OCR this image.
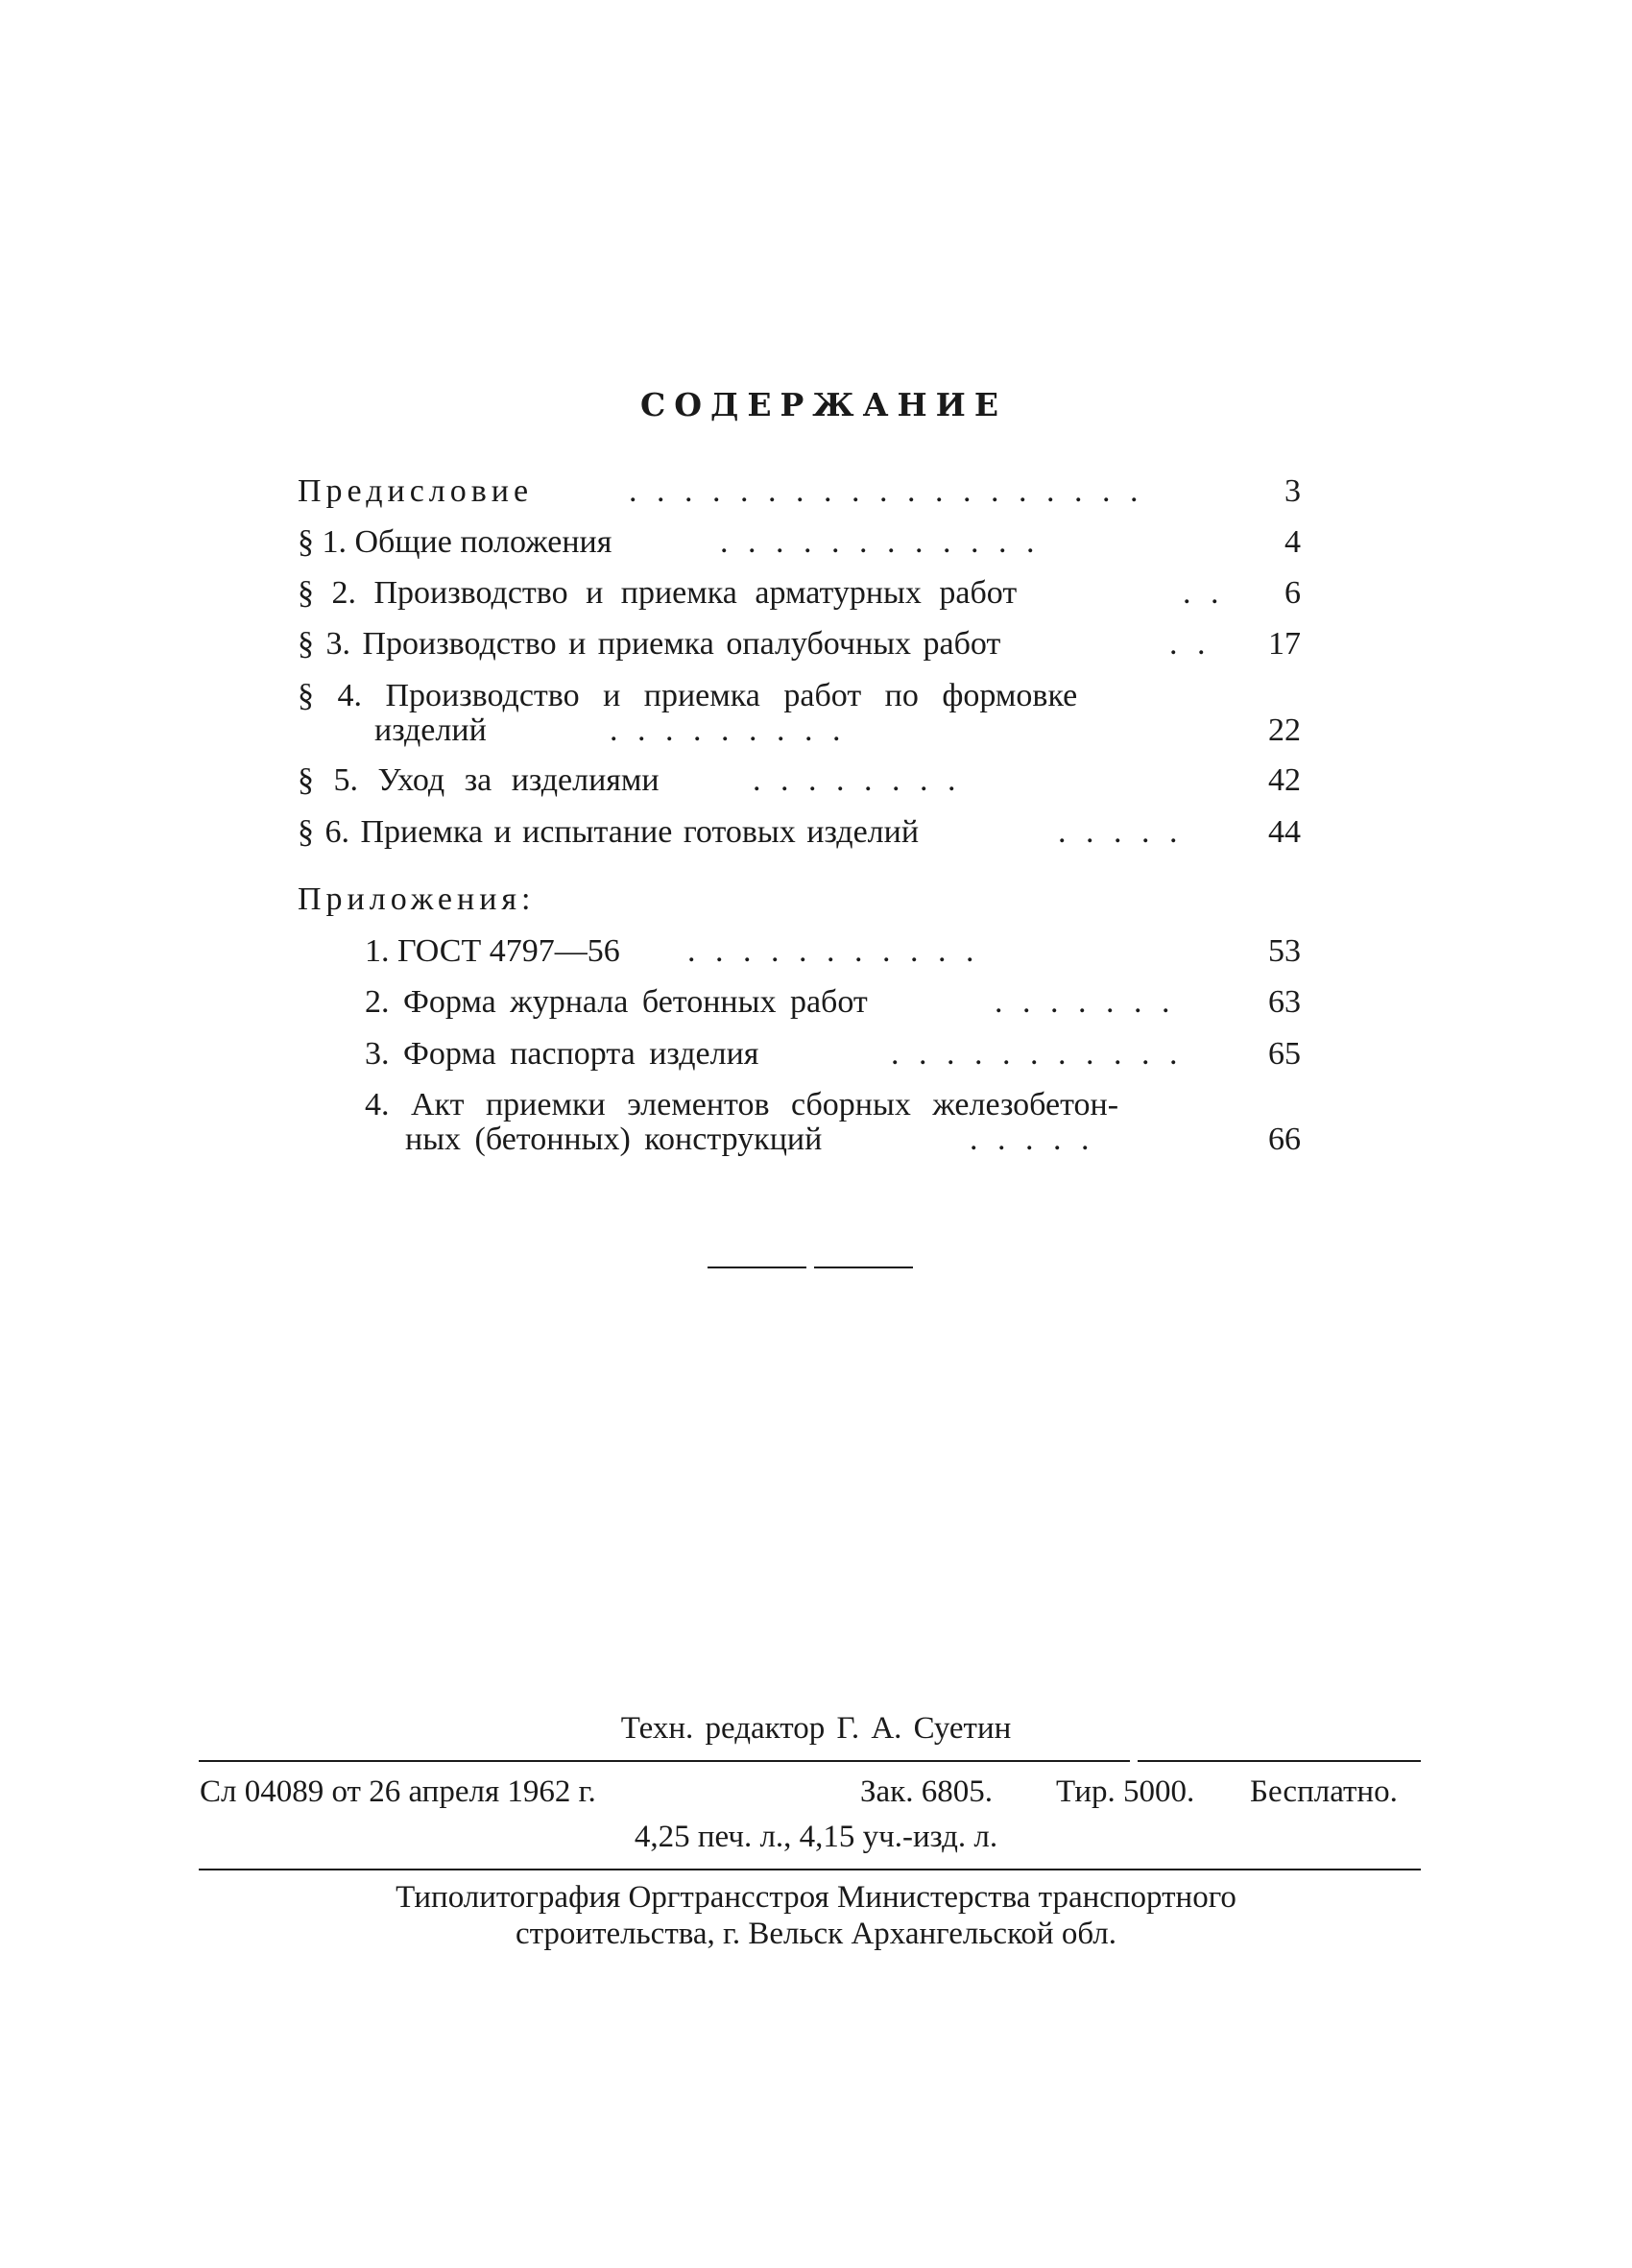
СОДЕРЖАНИЕ
Предисловие	. . . . . . . . . . . . . . . . . . .	3
§ 1. Общие положения	. . . . . . . . . . . .	4
§ 2. Производство и приемка арматурных работ	. . 6
§ 3. Производство и приемка опалубочных работ	. . 17
§ 4. Производство и приемка работ по формовке
изделий	. . . . . . . . .	22
§ 5. Уход за изделиями	. . . . . . . .	42
§ 6. Приемка и испытание готовых изделий	. . . . .	44
Приложения:
1. ГОСТ 4797—56 . . . . . . . . . . .	53
2. Форма журнала бетонных работ	. . . . . . .	63
3. Форма паспорта изделия	. . . . . . . . . . .	65
4. Акт приемки элементов сборных железобетон-
ных (бетонных) конструкций	. . . . .	66
Техн. редактор Г. А. Суетин
Сл 04089 от 26 апреля 1962 г.	Зак. 6805. Тир. 5000. Бесплатно.
4,25 печ. л., 4,15 уч.-изд. л.
Типолитография Оргтрансстроя Министерства транспортного
строительства, г. Вельск Архангельской обл.
